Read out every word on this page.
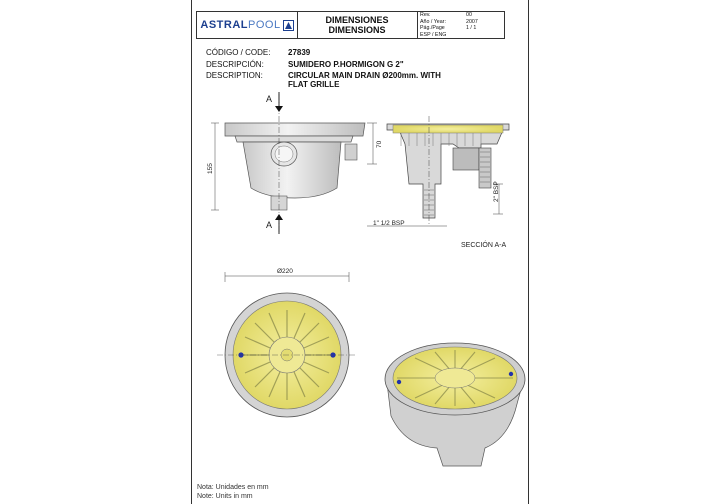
ASTRALPOOL	DIMENSIONES
DIMENSIONS
Rev.	00
Año / Year:	2007
Pág./Page	1 / 1
ESP / ENG
CÓDIGO / CODE:	27839
DESCRIPCIÓN:	SUMIDERO P.HORMIGON G 2"
DESCRIPTION:	CIRCULAR MAIN DRAIN Ø200mm. WITH
FLAT GRILLE
155
70
A
A
2" BSP
1" 1/2 BSP
SECCIÓN A-A
Ø220
Nota: Unidades en mm
Note: Units in mm
